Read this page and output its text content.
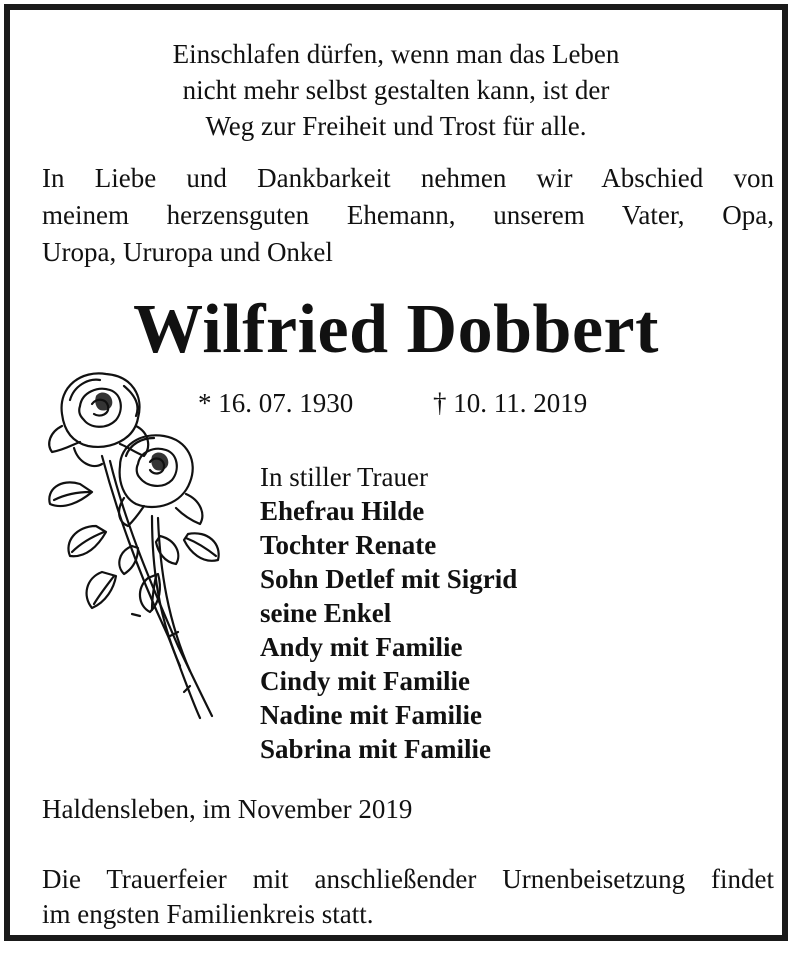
Einschlafen dürfen, wenn man das Leben
nicht mehr selbst gestalten kann, ist der
Weg zur Freiheit und Trost für alle.
In Liebe und Dankbarkeit nehmen wir Abschied von
meinem herzensguten Ehemann, unserem Vater, Opa,
Uropa, Ururopa und Onkel
Wilfried Dobbert
* 16. 07. 1930	† 10. 11. 2019
In stiller Trauer
Ehefrau Hilde
Tochter Renate
Sohn Detlef mit Sigrid
seine Enkel
Andy mit Familie
Cindy mit Familie
Nadine mit Familie
Sabrina mit Familie
Haldensleben, im November 2019
Die Trauerfeier mit anschließender Urnenbeisetzung findet
im engsten Familienkreis statt.
